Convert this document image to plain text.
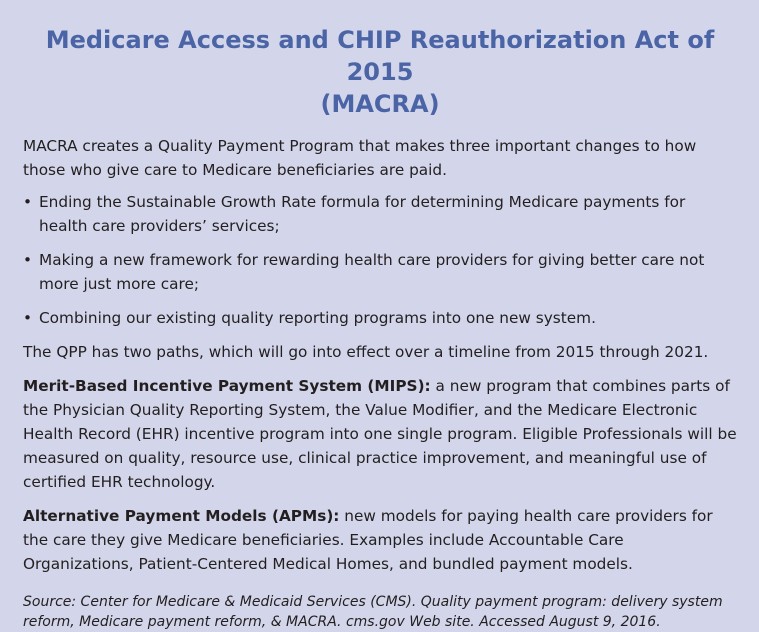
Medicare Access and CHIP Reauthorization Act of 2015
(MACRA)

MACRA creates a Quality Payment Program that makes three important changes to how those who give care to Medicare beneficiaries are paid.

• Ending the Sustainable Growth Rate formula for determining Medicare payments for health care providers’ services;
• Making a new framework for rewarding health care providers for giving better care not more just more care;
• Combining our existing quality reporting programs into one new system.

The QPP has two paths, which will go into effect over a timeline from 2015 through 2021.

Merit-Based Incentive Payment System (MIPS): a new program that combines parts of the Physician Quality Reporting System, the Value Modifier, and the Medicare Electronic Health Record (EHR) incentive program into one single program. Eligible Professionals will be measured on quality, resource use, clinical practice improvement, and meaningful use of certified EHR technology.

Alternative Payment Models (APMs): new models for paying health care providers for the care they give Medicare beneficiaries. Examples include Accountable Care Organizations, Patient-Centered Medical Homes, and bundled payment models.

Source: Center for Medicare & Medicaid Services (CMS). Quality payment program: delivery system reform, Medicare payment reform, & MACRA. cms.gov Web site. Accessed August 9, 2016.
